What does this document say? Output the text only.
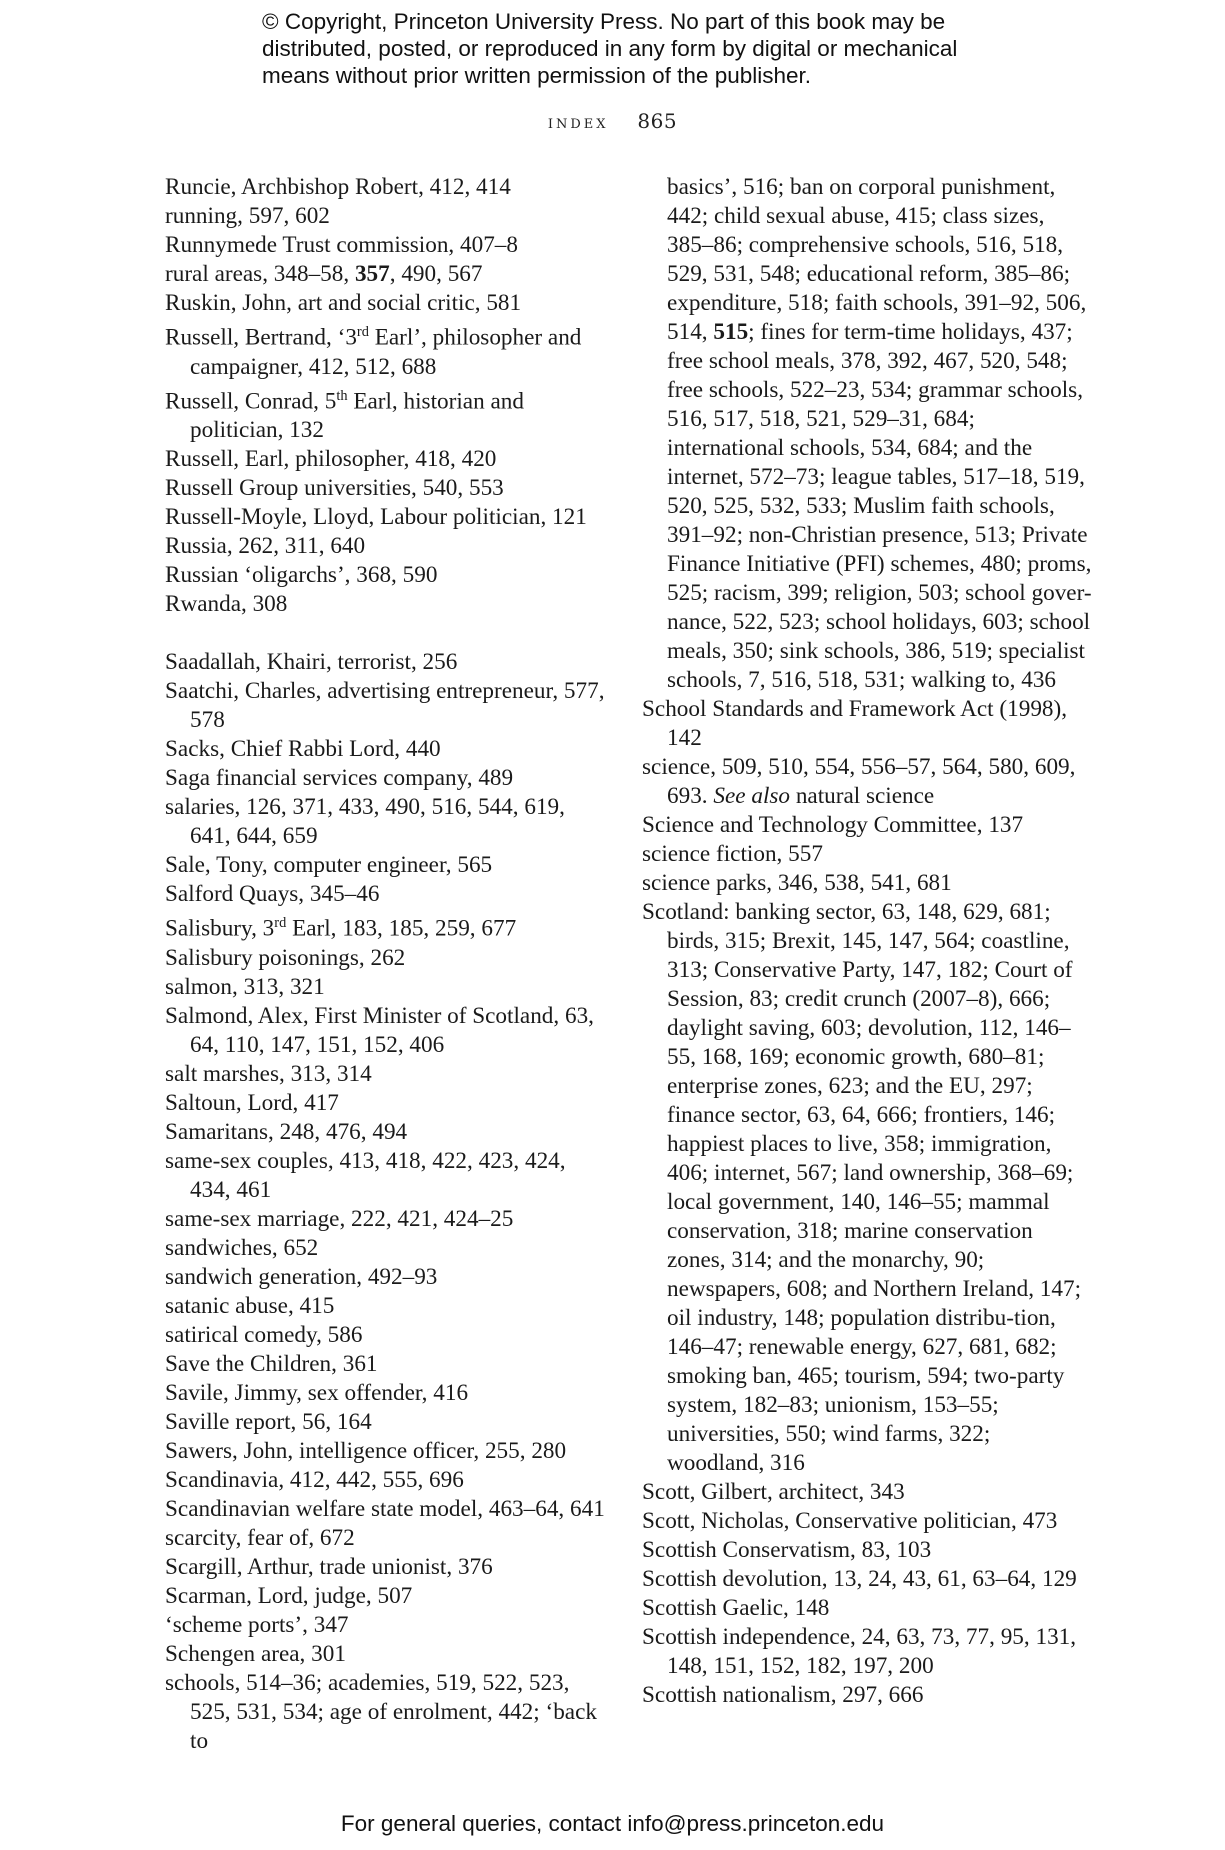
© Copyright, Princeton University Press. No part of this book may be distributed, posted, or reproduced in any form by digital or mechanical means without prior written permission of the publisher.

index 865
Runcie, Archbishop Robert, 412, 414
running, 597, 602
Runnymede Trust commission, 407–8
rural areas, 348–58, 357, 490, 567
Ruskin, John, art and social critic, 581
Russell, Bertrand, ‘3rd Earl’, philosopher and campaigner, 412, 512, 688
Russell, Conrad, 5th Earl, historian and politician, 132
Russell, Earl, philosopher, 418, 420
Russell Group universities, 540, 553
Russell-Moyle, Lloyd, Labour politician, 121
Russia, 262, 311, 640
Russian ‘oligarchs’, 368, 590
Rwanda, 308
Saadallah, Khairi, terrorist, 256
Saatchi, Charles, advertising entrepreneur, 577, 578
Sacks, Chief Rabbi Lord, 440
Saga financial services company, 489
salaries, 126, 371, 433, 490, 516, 544, 619, 641, 644, 659
Sale, Tony, computer engineer, 565
Salford Quays, 345–46
Salisbury, 3rd Earl, 183, 185, 259, 677
Salisbury poisonings, 262
salmon, 313, 321
Salmond, Alex, First Minister of Scotland, 63, 64, 110, 147, 151, 152, 406
salt marshes, 313, 314
Saltoun, Lord, 417
Samaritans, 248, 476, 494
same-sex couples, 413, 418, 422, 423, 424, 434, 461
same-sex marriage, 222, 421, 424–25
sandwiches, 652
sandwich generation, 492–93
satanic abuse, 415
satirical comedy, 586
Save the Children, 361
Savile, Jimmy, sex offender, 416
Saville report, 56, 164
Sawers, John, intelligence officer, 255, 280
Scandinavia, 412, 442, 555, 696
Scandinavian welfare state model, 463–64, 641
scarcity, fear of, 672
Scargill, Arthur, trade unionist, 376
Scarman, Lord, judge, 507
‘scheme ports’, 347
Schengen area, 301
schools, 514–36; academies, 519, 522, 523, 525, 531, 534; age of enrolment, 442; ‘back to
basics’, 516; ban on corporal punishment, 442; child sexual abuse, 415; class sizes, 385–86; comprehensive schools, 516, 518, 529, 531, 548; educational reform, 385–86; expenditure, 518; faith schools, 391–92, 506, 514, 515; fines for term-time holidays, 437; free school meals, 378, 392, 467, 520, 548; free schools, 522–23, 534; grammar schools, 516, 517, 518, 521, 529–31, 684; international schools, 534, 684; and the internet, 572–73; league tables, 517–18, 519, 520, 525, 532, 533; Muslim faith schools, 391–92; non-Christian presence, 513; Private Finance Initiative (PFI) schemes, 480; proms, 525; racism, 399; religion, 503; school gover-nance, 522, 523; school holidays, 603; school meals, 350; sink schools, 386, 519; specialist schools, 7, 516, 518, 531; walking to, 436
School Standards and Framework Act (1998), 142
science, 509, 510, 554, 556–57, 564, 580, 609, 693. See also natural science
Science and Technology Committee, 137
science fiction, 557
science parks, 346, 538, 541, 681
Scotland: banking sector, 63, 148, 629, 681; birds, 315; Brexit, 145, 147, 564; coastline, 313; Conservative Party, 147, 182; Court of Session, 83; credit crunch (2007–8), 666; daylight saving, 603; devolution, 112, 146–55, 168, 169; economic growth, 680–81; enterprise zones, 623; and the EU, 297; finance sector, 63, 64, 666; frontiers, 146; happiest places to live, 358; immigration, 406; internet, 567; land ownership, 368–69; local government, 140, 146–55; mammal conservation, 318; marine conservation zones, 314; and the monarchy, 90; newspapers, 608; and Northern Ireland, 147; oil industry, 148; population distribu-tion, 146–47; renewable energy, 627, 681, 682; smoking ban, 465; tourism, 594; two-party system, 182–83; unionism, 153–55; universities, 550; wind farms, 322; woodland, 316
Scott, Gilbert, architect, 343
Scott, Nicholas, Conservative politician, 473
Scottish Conservatism, 83, 103
Scottish devolution, 13, 24, 43, 61, 63–64, 129
Scottish Gaelic, 148
Scottish independence, 24, 63, 73, 77, 95, 131, 148, 151, 152, 182, 197, 200
Scottish nationalism, 297, 666
For general queries, contact info@press.princeton.edu
